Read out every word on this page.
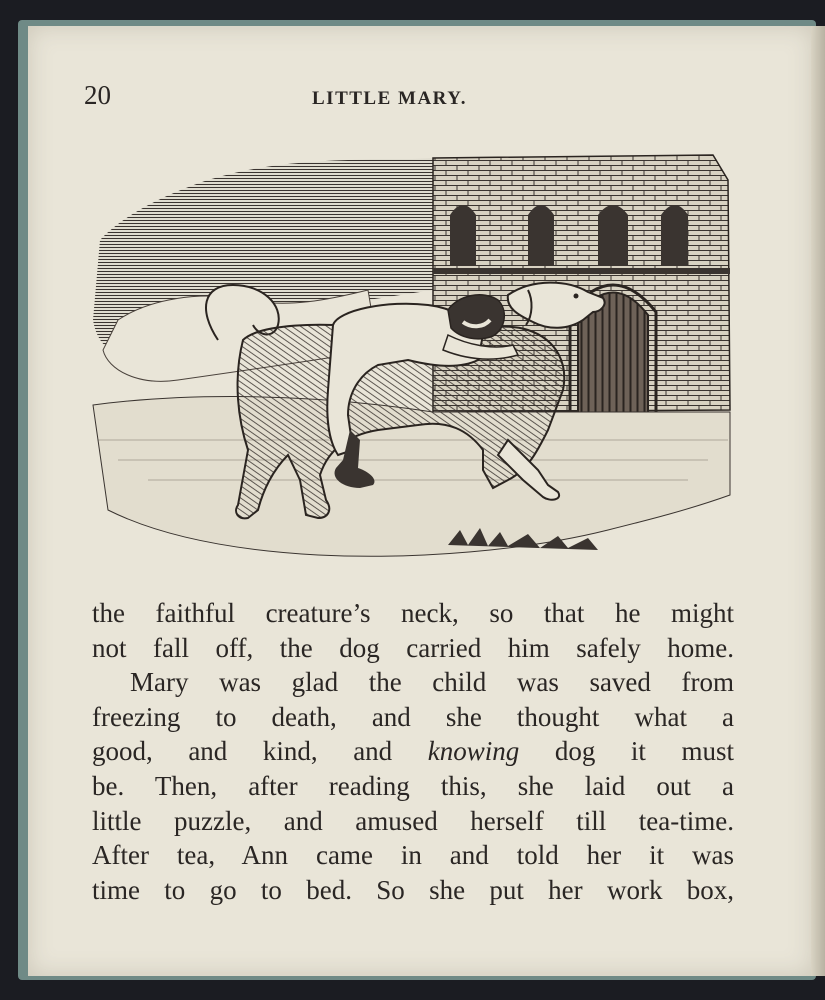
20	LITTLE MARY.
the faithful creature’s neck, so that he might
not fall off, the dog carried him safely home.
Mary was glad the child was saved from
freezing to death, and she thought what a
good, and kind, and knowing dog it must
be. Then, after reading this, she laid out a
little puzzle, and amused herself till tea-time.
After tea, Ann came in and told her it was
time to go to bed. So she put her work box,
